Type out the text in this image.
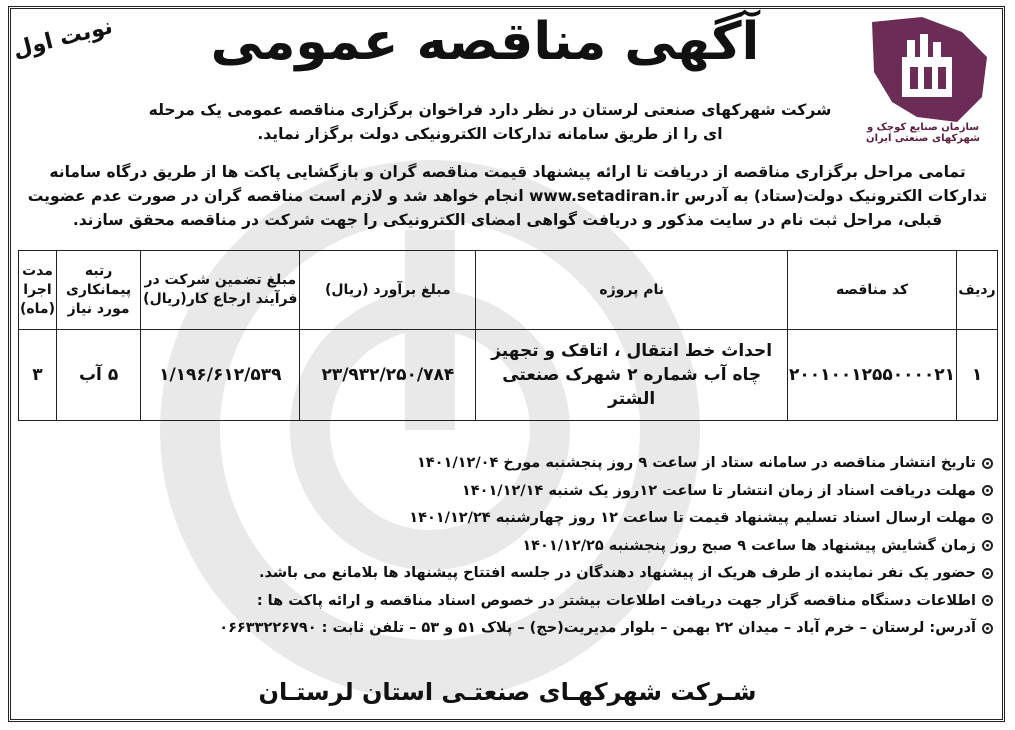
سازمان صنایع کوچک و شهرکهای صنعتی ایران
آگهی مناقصه عمومی
نوبت اول
شرکت شهرکهای صنعتی لرستان در نظر دارد فراخوان برگزاری مناقصه عمومی یک مرحله ای را از طریق سامانه تدارکات الکترونیکی دولت برگزار نماید.
تمامی مراحل برگزاری مناقصه از دریافت تا ارائه پیشنهاد قیمت مناقصه گران و بازگشایی پاکت ها از طریق درگاه سامانه تدارکات الکترونیک دولت(ستاد) به آدرس www.setadiran.ir انجام خواهد شد و لازم است مناقصه گران در صورت عدم عضویت قبلی، مراحل ثبت نام در سایت مذکور و دریافت گواهی امضای الکترونیکی را جهت شرکت در مناقصه محقق سازند.
ردیف	کد مناقصه	نام پروژه	مبلغ برآورد (ریال)	مبلغ تضمین شرکت در فرآیند ارجاع کار(ریال)	رتبه پیمانکاری مورد نیاز	مدت اجرا (ماه)
۱	۲۰۰۱۰۰۱۲۵۵۰۰۰۰۲۱	احداث خط انتقال ، اتاقک و تجهیز چاه آب شماره ۲ شهرک صنعتی الشتر	۲۳/۹۳۲/۲۵۰/۷۸۴	۱/۱۹۶/۶۱۲/۵۳۹	۵ آب	۳
تاریخ انتشار مناقصه در سامانه ستاد از ساعت ۹ روز پنجشنبه مورخ ۱۴۰۱/۱۲/۰۴
مهلت دریافت اسناد از زمان انتشار تا ساعت ۱۲روز یک شنبه ۱۴۰۱/۱۲/۱۴
مهلت ارسال اسناد تسلیم پیشنهاد قیمت تا ساعت ۱۲ روز چهارشنبه ۱۴۰۱/۱۲/۲۴
زمان گشایش پیشنهاد ها ساعت ۹ صبح روز پنجشنبه ۱۴۰۱/۱۲/۲۵
حضور یک نفر نماینده از طرف هریک از پیشنهاد دهندگان در جلسه افتتاح پیشنهاد ها بلامانع می باشد.
اطلاعات دستگاه مناقصه گزار جهت دریافت اطلاعات بیشتر در خصوص اسناد مناقصه و ارائه پاکت ها :
آدرس: لرستان – خرم آباد – میدان ۲۲ بهمن – بلوار مدیریت(حج) – پلاک ۵۱ و ۵۳ – تلفن ثابت : ۰۶۶۳۳۲۲۶۷۹۰
شـرکت شهرکهـای صنعتـی استان لرستـان
